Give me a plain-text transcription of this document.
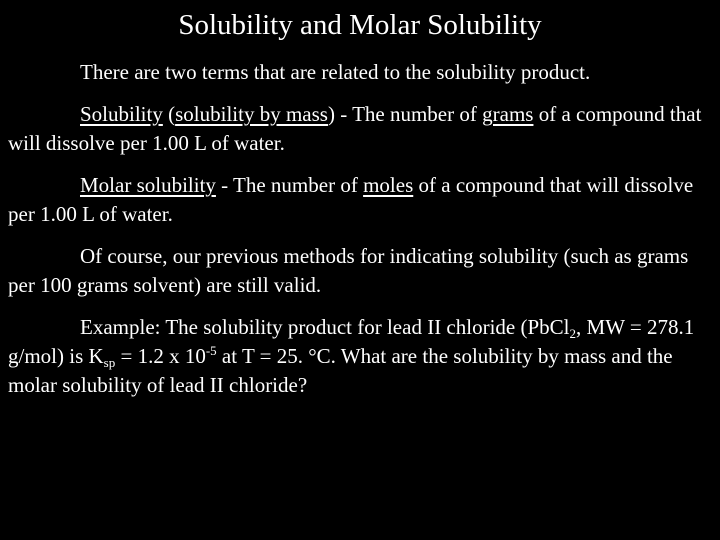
Solubility and Molar Solubility

There are two terms that are related to the solubility product.

Solubility (solubility by mass) - The number of grams of a compound that will dissolve per 1.00 L of water.

Molar solubility - The number of moles of a compound that will dissolve per 1.00 L of water.

Of course, our previous methods for indicating solubility (such as grams per 100 grams solvent) are still valid.

Example: The solubility product for lead II chloride (PbCl$_2$, MW = 278.1 g/mol) is $K_{sp} = 1.2$ x $10^{-5}$ at T = 25. °C. What are the solubility by mass and the molar solubility of lead II chloride?
